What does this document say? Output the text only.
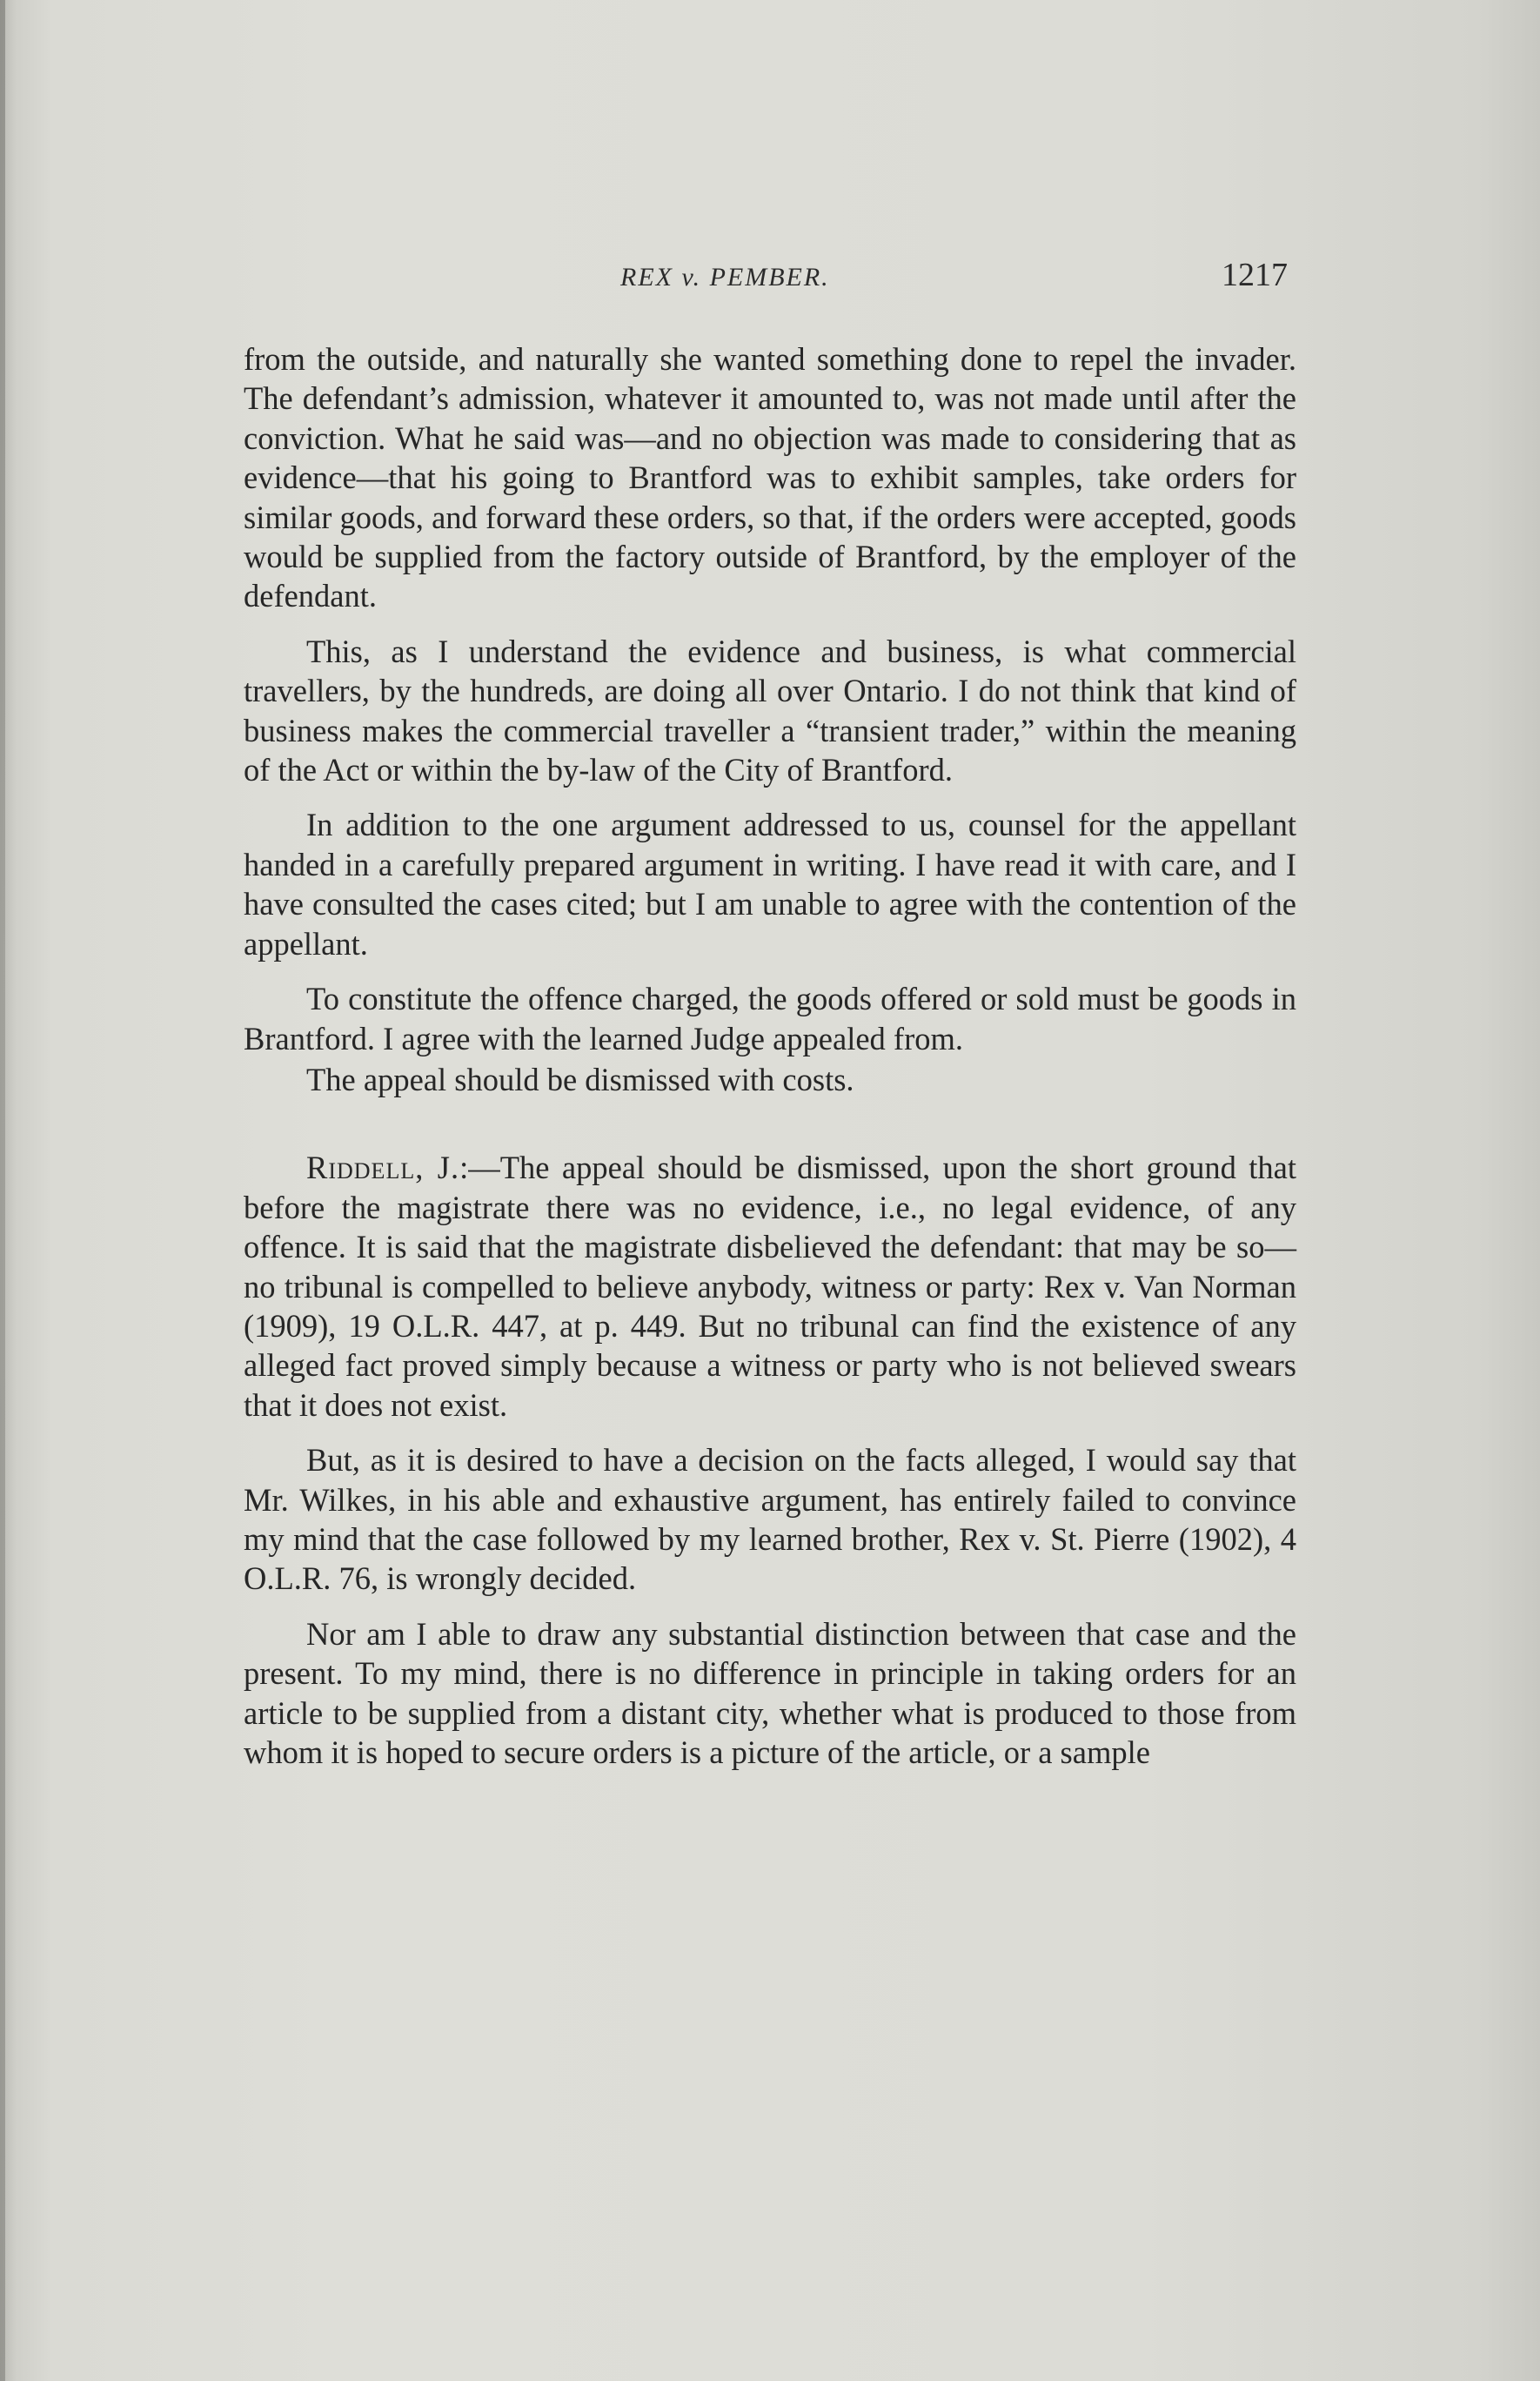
REX v. PEMBER.	1217

from the outside, and naturally she wanted something done to repel the invader. The defendant’s admission, whatever it amounted to, was not made until after the conviction. What he said was—and no objection was made to considering that as evidence—that his going to Brantford was to exhibit samples, take orders for similar goods, and forward these orders, so that, if the orders were accepted, goods would be supplied from the factory outside of Brantford, by the employer of the defendant.

This, as I understand the evidence and business, is what commercial travellers, by the hundreds, are doing all over Ontario. I do not think that kind of business makes the commercial traveller a “transient trader,” within the meaning of the Act or within the by-law of the City of Brantford.

In addition to the one argument addressed to us, counsel for the appellant handed in a carefully prepared argument in writing. I have read it with care, and I have consulted the cases cited; but I am unable to agree with the contention of the appellant.

To constitute the offence charged, the goods offered or sold must be goods in Brantford. I agree with the learned Judge appealed from.

The appeal should be dismissed with costs.

Riddell, J.:—The appeal should be dismissed, upon the short ground that before the magistrate there was no evidence, i.e., no legal evidence, of any offence. It is said that the magistrate disbelieved the defendant: that may be so—no tribunal is compelled to believe anybody, witness or party: Rex v. Van Norman (1909), 19 O.L.R. 447, at p. 449. But no tribunal can find the existence of any alleged fact proved simply because a witness or party who is not believed swears that it does not exist.

But, as it is desired to have a decision on the facts alleged, I would say that Mr. Wilkes, in his able and exhaustive argument, has entirely failed to convince my mind that the case followed by my learned brother, Rex v. St. Pierre (1902), 4 O.L.R. 76, is wrongly decided.

Nor am I able to draw any substantial distinction between that case and the present. To my mind, there is no difference in principle in taking orders for an article to be supplied from a distant city, whether what is produced to those from whom it is hoped to secure orders is a picture of the article, or a sample
